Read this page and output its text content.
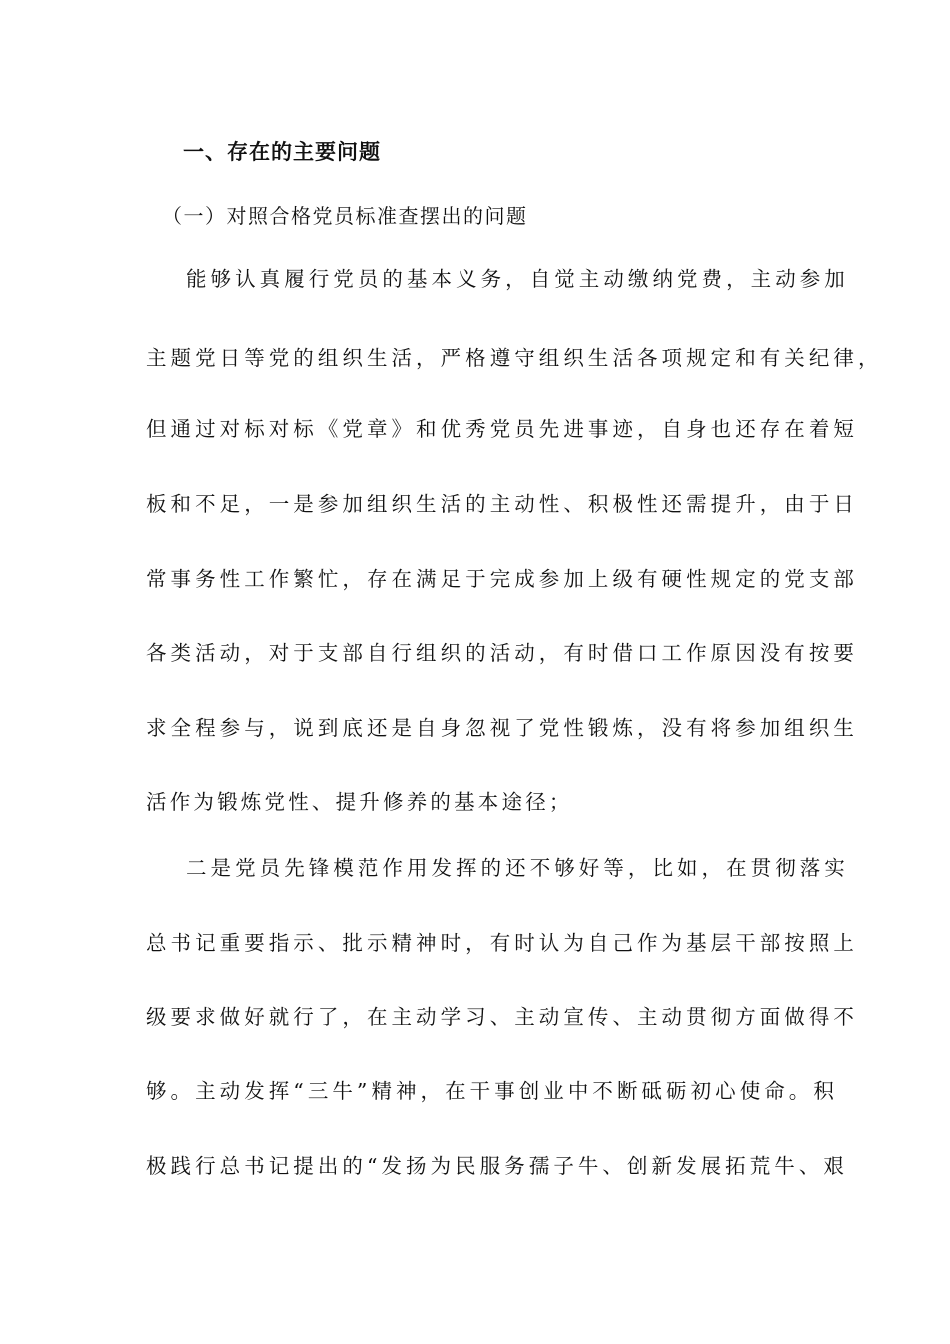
一、存在的主要问题
（一）对照合格党员标准查摆出的问题
能够认真履行党员的基本义务，自觉主动缴纳党费，主动参加
主题党日等党的组织生活，严格遵守组织生活各项规定和有关纪律，
但通过对标对标《党章》和优秀党员先进事迹，自身也还存在着短
板和不足，一是参加组织生活的主动性、积极性还需提升，由于日
常事务性工作繁忙，存在满足于完成参加上级有硬性规定的党支部
各类活动，对于支部自行组织的活动，有时借口工作原因没有按要
求全程参与，说到底还是自身忽视了党性锻炼，没有将参加组织生
活作为锻炼党性、提升修养的基本途径；
二是党员先锋模范作用发挥的还不够好等，比如，在贯彻落实
总书记重要指示、批示精神时，有时认为自己作为基层干部按照上
级要求做好就行了，在主动学习、主动宣传、主动贯彻方面做得不
够。主动发挥“三牛”精神，在干事创业中不断砥砺初心使命。积
极践行总书记提出的“发扬为民服务孺子牛、创新发展拓荒牛、艰
